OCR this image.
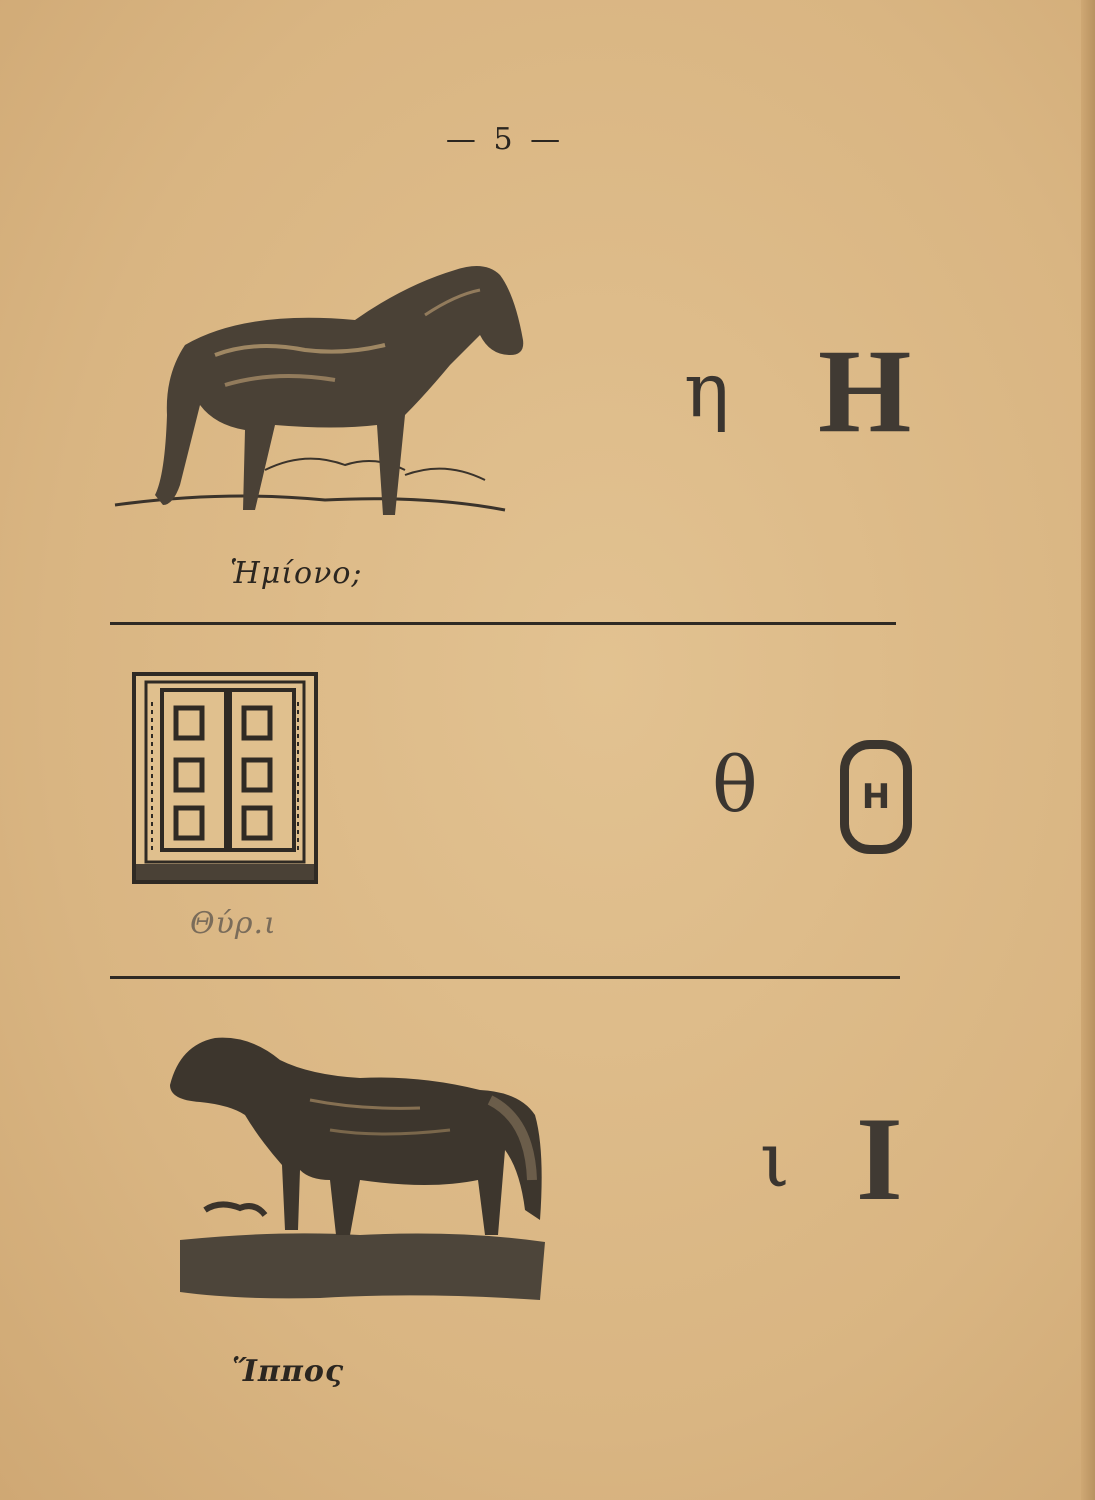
— 5 —
Ἡμίονο;
η Η
Θύρ.ι
θ	Η
Ἵππος
ι Ι
